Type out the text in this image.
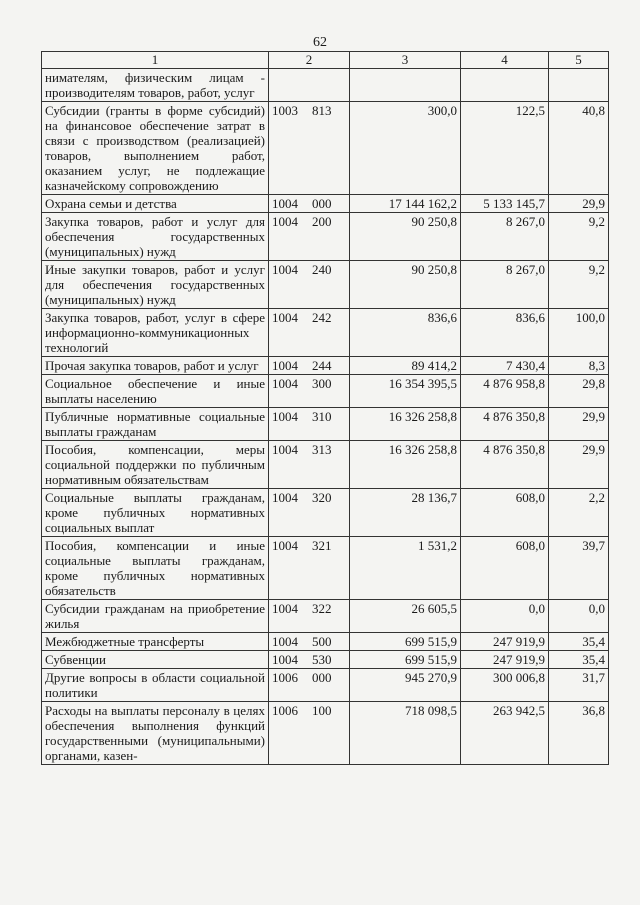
62
1	2	3	4	5
нимателям, физическим лицам - производителям товаров, работ, услуг				
Субсидии (гранты в форме субсидий) на финансовое обеспечение затрат в связи с производством (реализацией) товаров, выполнением работ, оказанием услуг, не подлежащие казначейскому сопровождению	1003 813	300,0	122,5	40,8
Охрана семьи и детства	1004 000	17 144 162,2	5 133 145,7	29,9
Закупка товаров, работ и услуг для обеспечения государственных (муниципальных) нужд	1004 200	90 250,8	8 267,0	9,2
Иные закупки товаров, работ и услуг для обеспечения государственных (муниципальных) нужд	1004 240	90 250,8	8 267,0	9,2
Закупка товаров, работ, услуг в сфере информационно-коммуникационных технологий	1004 242	836,6	836,6	100,0
Прочая закупка товаров, работ и услуг	1004 244	89 414,2	7 430,4	8,3
Социальное обеспечение и иные выплаты населению	1004 300	16 354 395,5	4 876 958,8	29,8
Публичные нормативные социальные выплаты гражданам	1004 310	16 326 258,8	4 876 350,8	29,9
Пособия, компенсации, меры социальной поддержки по публичным нормативным обязательствам	1004 313	16 326 258,8	4 876 350,8	29,9
Социальные выплаты гражданам, кроме публичных нормативных социальных выплат	1004 320	28 136,7	608,0	2,2
Пособия, компенсации и иные социальные выплаты гражданам, кроме публичных нормативных обязательств	1004 321	1 531,2	608,0	39,7
Субсидии гражданам на приобретение жилья	1004 322	26 605,5	0,0	0,0
Межбюджетные трансферты	1004 500	699 515,9	247 919,9	35,4
Субвенции	1004 530	699 515,9	247 919,9	35,4
Другие вопросы в области социальной политики	1006 000	945 270,9	300 006,8	31,7
Расходы на выплаты персоналу в целях обеспечения выполнения функций государственными (муниципальными) органами, казен-	1006 100	718 098,5	263 942,5	36,8
